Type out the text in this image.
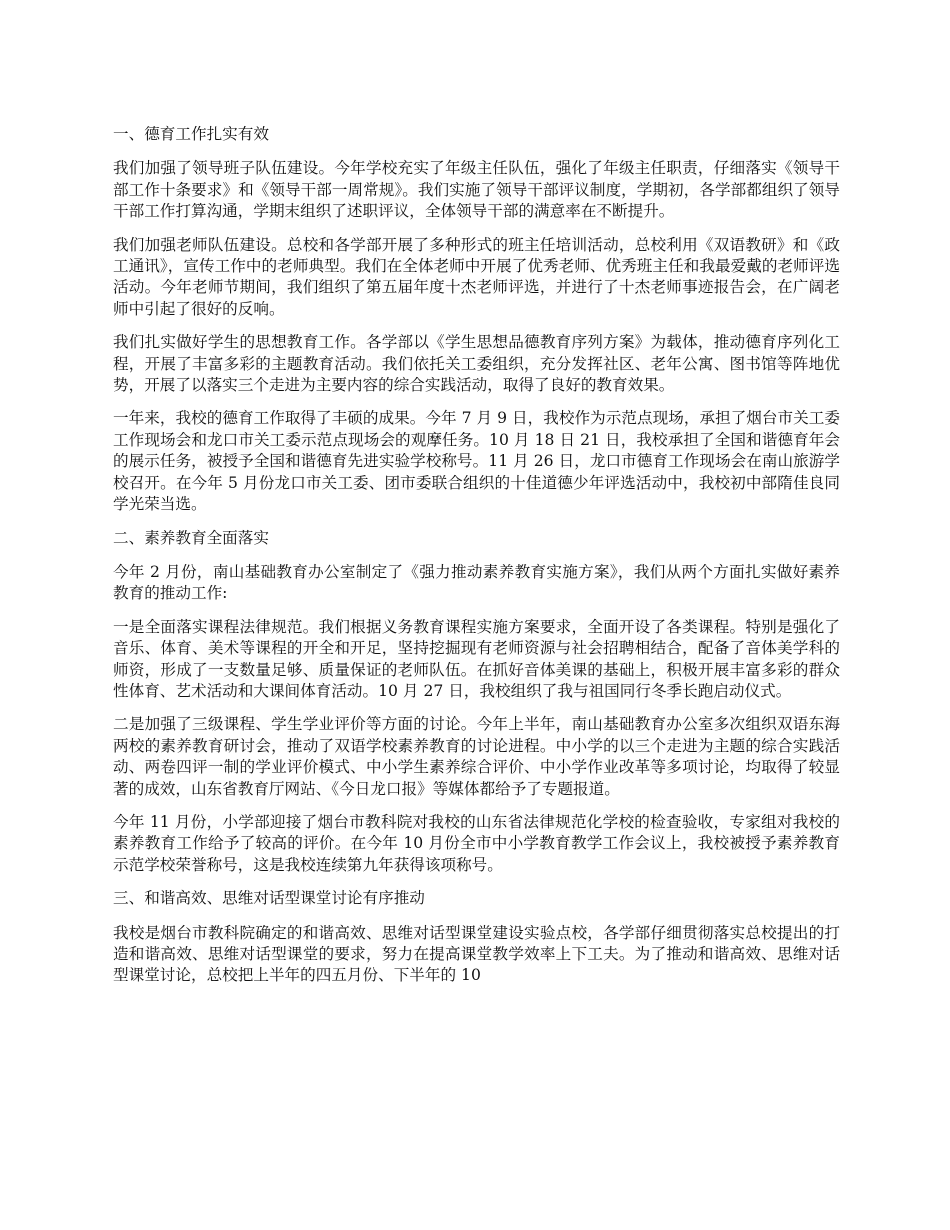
一、德育工作扎实有效

我们加强了领导班子队伍建设。今年学校充实了年级主任队伍，强化了年级主任职责，仔细落实《领导干部工作十条要求》和《领导干部一周常规》。我们实施了领导干部评议制度，学期初，各学部都组织了领导干部工作打算沟通，学期末组织了述职评议，全体领导干部的满意率在不断提升。

我们加强老师队伍建设。总校和各学部开展了多种形式的班主任培训活动，总校利用《双语教研》和《政工通讯》，宣传工作中的老师典型。我们在全体老师中开展了优秀老师、优秀班主任和我最爱戴的老师评选活动。今年老师节期间，我们组织了第五届年度十杰老师评选，并进行了十杰老师事迹报告会，在广阔老师中引起了很好的反响。

我们扎实做好学生的思想教育工作。各学部以《学生思想品德教育序列方案》为载体，推动德育序列化工程，开展了丰富多彩的主题教育活动。我们依托关工委组织，充分发挥社区、老年公寓、图书馆等阵地优势，开展了以落实三个走进为主要内容的综合实践活动，取得了良好的教育效果。

一年来，我校的德育工作取得了丰硕的成果。今年 7 月 9 日，我校作为示范点现场，承担了烟台市关工委工作现场会和龙口市关工委示范点现场会的观摩任务。10 月 18 日 21 日，我校承担了全国和谐德育年会的展示任务，被授予全国和谐德育先进实验学校称号。11 月 26 日，龙口市德育工作现场会在南山旅游学校召开。在今年 5 月份龙口市关工委、团市委联合组织的十佳道德少年评选活动中，我校初中部隋佳良同学光荣当选。

二、素养教育全面落实

今年 2 月份，南山基础教育办公室制定了《强力推动素养教育实施方案》，我们从两个方面扎实做好素养教育的推动工作:

一是全面落实课程法律规范。我们根据义务教育课程实施方案要求，全面开设了各类课程。特别是强化了音乐、体育、美术等课程的开全和开足，坚持挖掘现有老师资源与社会招聘相结合，配备了音体美学科的师资，形成了一支数量足够、质量保证的老师队伍。在抓好音体美课的基础上，积极开展丰富多彩的群众性体育、艺术活动和大课间体育活动。10 月 27 日，我校组织了我与祖国同行冬季长跑启动仪式。

二是加强了三级课程、学生学业评价等方面的讨论。今年上半年，南山基础教育办公室多次组织双语东海两校的素养教育研讨会，推动了双语学校素养教育的讨论进程。中小学的以三个走进为主题的综合实践活动、两卷四评一制的学业评价模式、中小学生素养综合评价、中小学作业改革等多项讨论，均取得了较显著的成效，山东省教育厅网站、《今日龙口报》等媒体都给予了专题报道。

今年 11 月份，小学部迎接了烟台市教科院对我校的山东省法律规范化学校的检查验收，专家组对我校的素养教育工作给予了较高的评价。在今年 10 月份全市中小学教育教学工作会议上，我校被授予素养教育示范学校荣誉称号，这是我校连续第九年获得该项称号。

三、和谐高效、思维对话型课堂讨论有序推动

我校是烟台市教科院确定的和谐高效、思维对话型课堂建设实验点校，各学部仔细贯彻落实总校提出的打造和谐高效、思维对话型课堂的要求，努力在提高课堂教学效率上下工夫。为了推动和谐高效、思维对话型课堂讨论，总校把上半年的四五月份、下半年的 10
